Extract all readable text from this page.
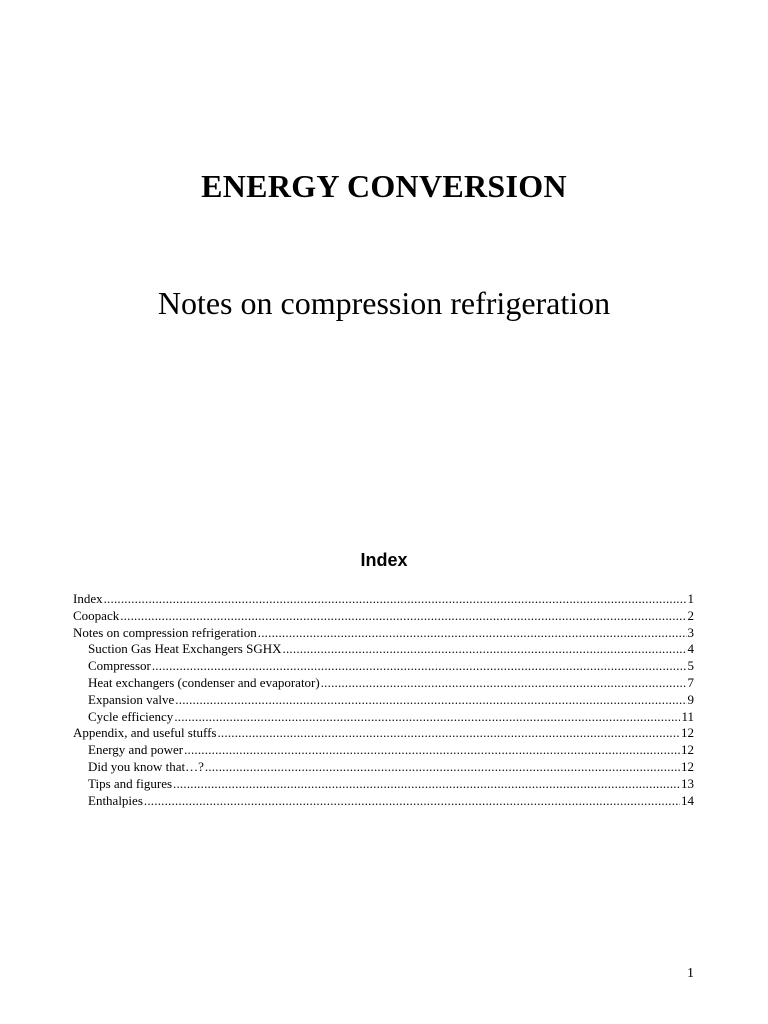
ENERGY CONVERSION
Notes on compression refrigeration
Index
Index .....	1
Coopack .....	2
Notes on compression refrigeration .....	3
Suction Gas Heat Exchangers SGHX .....	4
Compressor .....	5
Heat exchangers (condenser and evaporator) .....	7
Expansion valve .....	9
Cycle efficiency .....	11
Appendix, and useful stuffs .....	12
Energy and power .....	12
Did you know that…? .....	12
Tips and figures .....	13
Enthalpies .....	14
1
